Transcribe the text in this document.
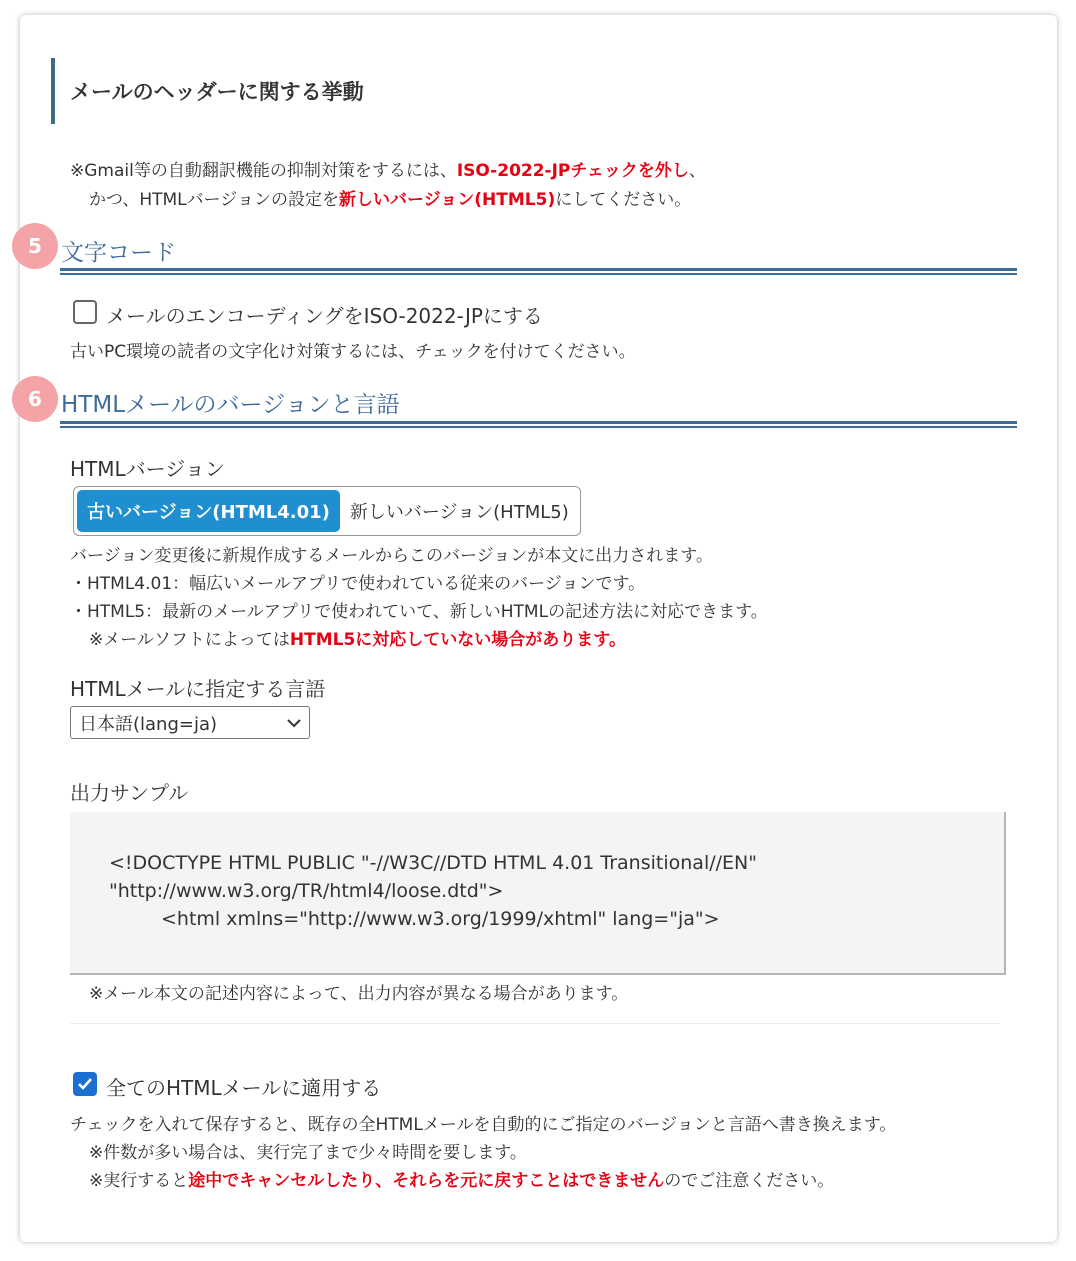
メールのヘッダーに関する挙動
※Gmail等の自動翻訳機能の抑制対策をするには、ISO-2022-JPチェックを外し、
かつ、HTMLバージョンの設定を新しいバージョン(HTML5)にしてください。
5 文字コード
メールのエンコーディングをISO-2022-JPにする
古いPC環境の読者の文字化け対策するには、チェックを付けてください。
6 HTMLメールのバージョンと言語
HTMLバージョン
古いバージョン(HTML4.01)	新しいバージョン(HTML5)
バージョン変更後に新規作成するメールからこのバージョンが本文に出力されます。
・HTML4.01：幅広いメールアプリで使われている従来のバージョンです。
・HTML5：最新のメールアプリで使われていて、新しいHTMLの記述方法に対応できます。
※メールソフトによってはHTML5に対応していない場合があります。
HTMLメールに指定する言語
日本語(lang=ja)
出力サンプル
<!DOCTYPE HTML PUBLIC "-//W3C//DTD HTML 4.01 Transitional//EN"
"http://www.w3.org/TR/html4/loose.dtd">
<html xmlns="http://www.w3.org/1999/xhtml" lang="ja">
※メール本文の記述内容によって、出力内容が異なる場合があります。
全てのHTMLメールに適用する
チェックを入れて保存すると、既存の全HTMLメールを自動的にご指定のバージョンと言語へ書き換えます。
※件数が多い場合は、実行完了まで少々時間を要します。
※実行すると途中でキャンセルしたり、それらを元に戻すことはできませんのでご注意ください。
